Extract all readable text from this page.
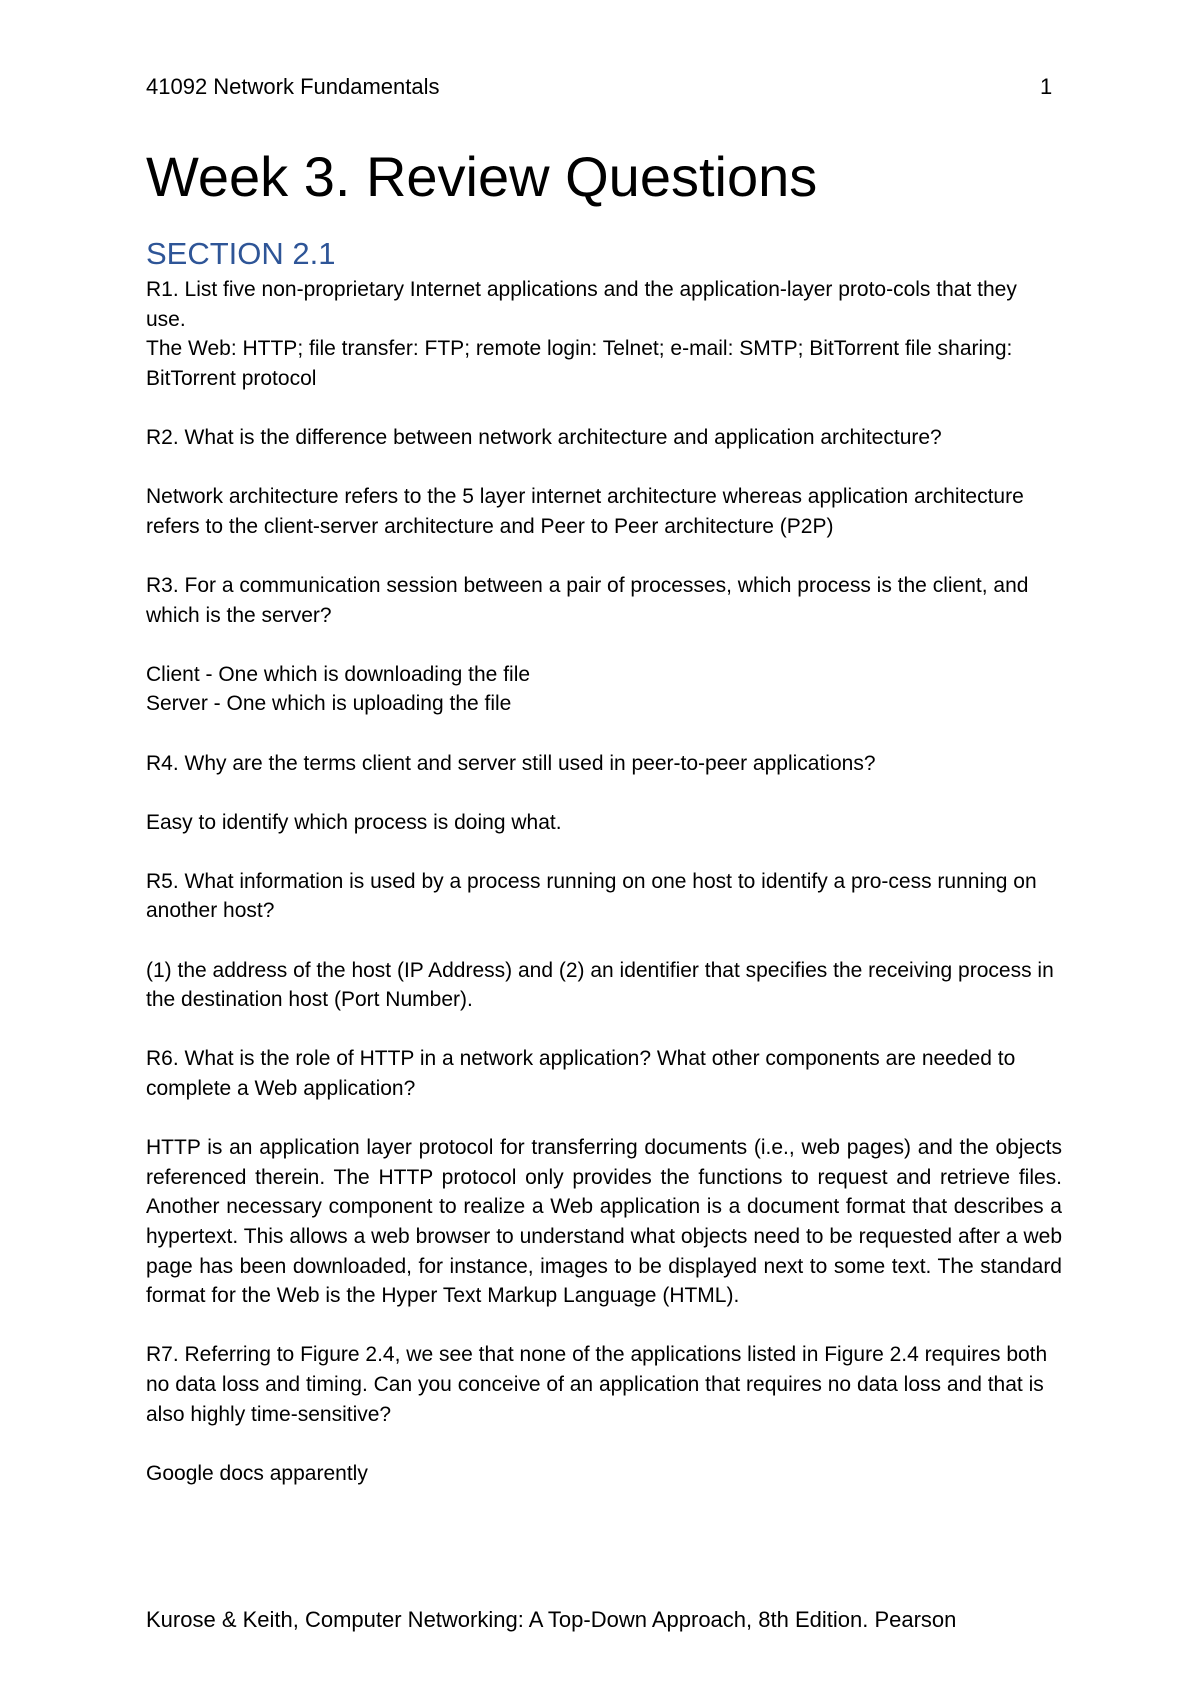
41092 Network Fundamentals	1
Week 3. Review Questions
SECTION 2.1

R1. List five non-proprietary Internet applications and the application-layer proto-cols that they use.

The Web: HTTP; file transfer: FTP; remote login: Telnet; e-mail: SMTP; BitTorrent file sharing: BitTorrent protocol

R2. What is the difference between network architecture and application architecture?

Network architecture refers to the 5 layer internet architecture whereas application architecture refers to the client-server architecture and Peer to Peer architecture (P2P)

R3. For a communication session between a pair of processes, which process is the client, and which is the server?

Client - One which is downloading the file

Server - One which is uploading the file

R4. Why are the terms client and server still used in peer-to-peer applications?

Easy to identify which process is doing what.

R5. What information is used by a process running on one host to identify a pro-cess running on another host?

(1) the address of the host (IP Address) and (2) an identifier that specifies the receiving process in the destination host (Port Number).

R6. What is the role of HTTP in a network application? What other components are needed to complete a Web application?

HTTP is an application layer protocol for transferring documents (i.e., web pages) and the objects referenced therein. The HTTP protocol only provides the functions to request and retrieve files. Another necessary component to realize a Web application is a document format that describes a hypertext. This allows a web browser to understand what objects need to be requested after a web page has been downloaded, for instance, images to be displayed next to some text. The standard format for the Web is the Hyper Text Markup Language (HTML).

R7. Referring to Figure 2.4, we see that none of the applications listed in Figure 2.4 requires both no data loss and timing. Can you conceive of an application that requires no data loss and that is also highly time-sensitive?

Google docs apparently

Kurose & Keith, Computer Networking: A Top-Down Approach, 8th Edition. Pearson
